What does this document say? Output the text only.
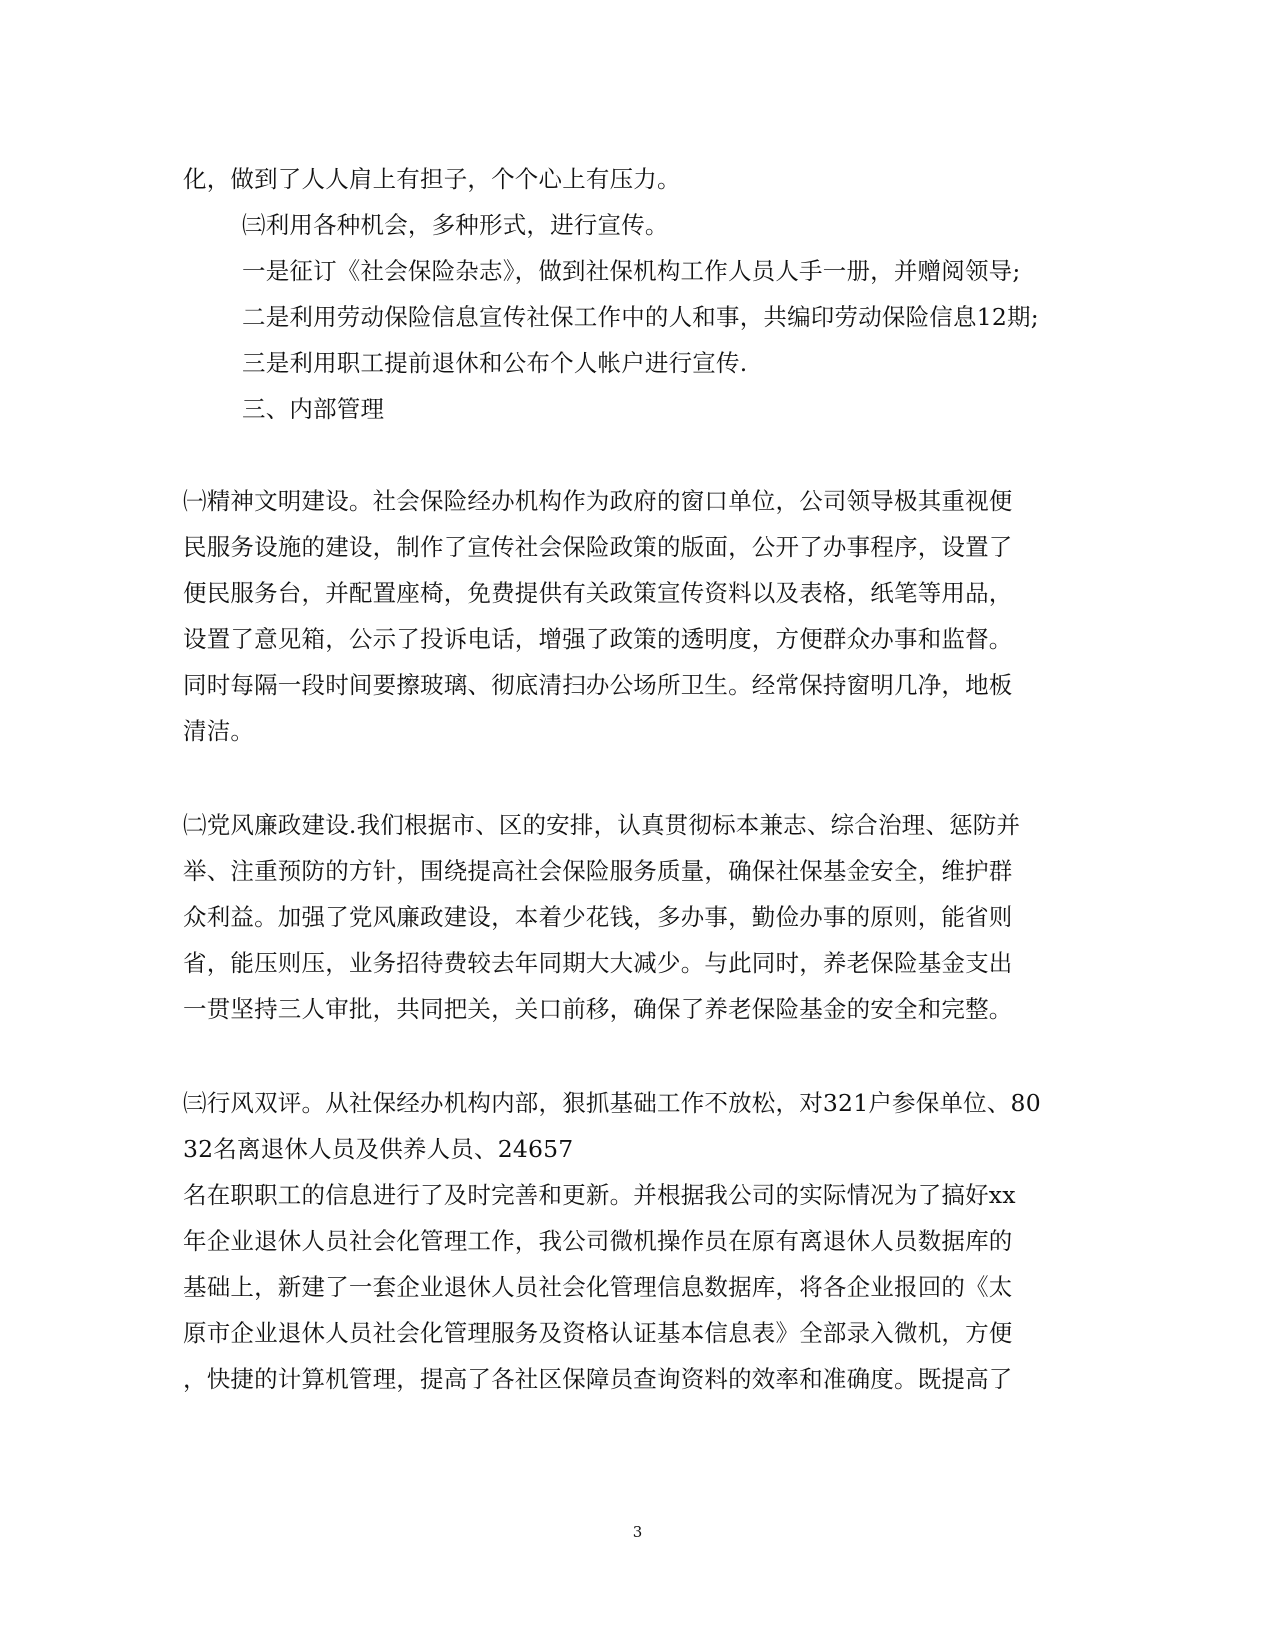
化，做到了人人肩上有担子，个个心上有压力。
㈢利用各种机会，多种形式，进行宣传。
一是征订《社会保险杂志》，做到社保机构工作人员人手一册，并赠阅领导;
二是利用劳动保险信息宣传社保工作中的人和事，共编印劳动保险信息12期;
三是利用职工提前退休和公布个人帐户进行宣传.
三、内部管理
㈠精神文明建设。社会保险经办机构作为政府的窗口单位，公司领导极其重视便
民服务设施的建设，制作了宣传社会保险政策的版面，公开了办事程序，设置了
便民服务台，并配置座椅，免费提供有关政策宣传资料以及表格，纸笔等用品，
设置了意见箱，公示了投诉电话，增强了政策的透明度，方便群众办事和监督。
同时每隔一段时间要擦玻璃、彻底清扫办公场所卫生。经常保持窗明几净，地板
清洁。
㈡党风廉政建设.我们根据市、区的安排，认真贯彻标本兼志、综合治理、惩防并
举、注重预防的方针，围绕提高社会保险服务质量，确保社保基金安全，维护群
众利益。加强了党风廉政建设，本着少花钱，多办事，勤俭办事的原则，能省则
省，能压则压，业务招待费较去年同期大大减少。与此同时，养老保险基金支出
一贯坚持三人审批，共同把关，关口前移，确保了养老保险基金的安全和完整。
㈢行风双评。从社保经办机构内部，狠抓基础工作不放松，对321户参保单位、80
32名离退休人员及供养人员、24657
名在职职工的信息进行了及时完善和更新。并根据我公司的实际情况为了搞好xx
年企业退休人员社会化管理工作，我公司微机操作员在原有离退休人员数据库的
基础上，新建了一套企业退休人员社会化管理信息数据库，将各企业报回的《太
原市企业退休人员社会化管理服务及资格认证基本信息表》全部录入微机，方便
，快捷的计算机管理，提高了各社区保障员查询资料的效率和准确度。既提高了
3
